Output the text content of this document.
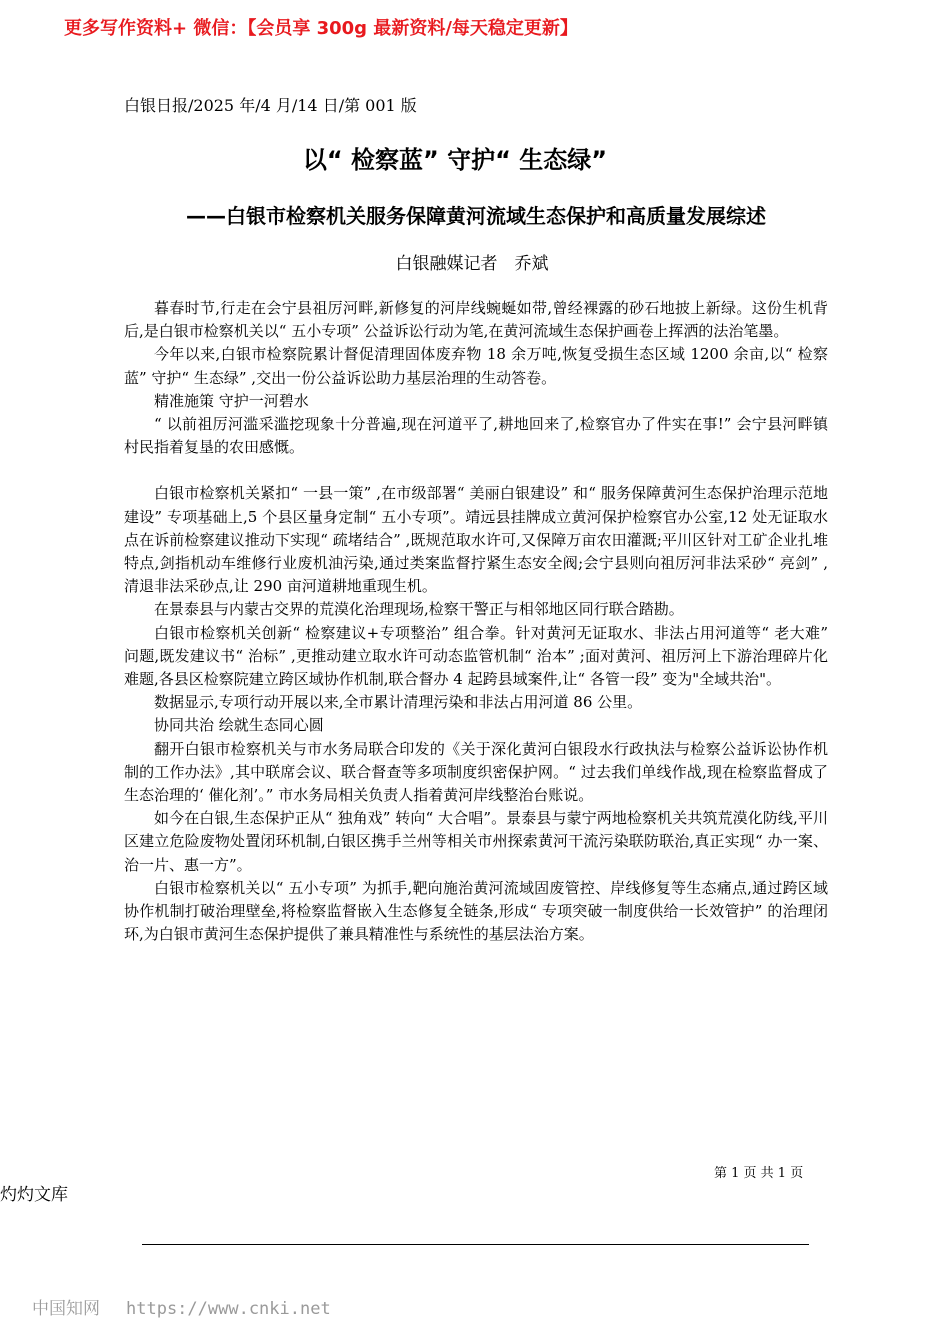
更多写作资料+ 微信：【会员享 300g 最新资料/每天稳定更新】
白银日报/2025 年/4 月/14 日/第 001 版
以“ 检察蓝” 守护“ 生态绿”
——白银市检察机关服务保障黄河流域生态保护和高质量发展综述
白银融媒记者　乔斌

暮春时节,行走在会宁县祖厉河畔,新修复的河岸线蜿蜒如带,曾经裸露的砂石地披上新绿。这份生机背后,是白银市检察机关以“ 五小专项” 公益诉讼行动为笔,在黄河流域生态保护画卷上挥洒的法治笔墨。

今年以来,白银市检察院累计督促清理固体废弃物 18 余万吨,恢复受损生态区域 1200 余亩,以“ 检察蓝” 守护“ 生态绿” ,交出一份公益诉讼助力基层治理的生动答卷。

精准施策 守护一河碧水

“ 以前祖厉河滥采滥挖现象十分普遍,现在河道平了,耕地回来了,检察官办了件实在事!” 会宁县河畔镇村民指着复垦的农田感慨。

白银市检察机关紧扣“ 一县一策” ,在市级部署“ 美丽白银建设” 和“ 服务保障黄河生态保护治理示范地建设” 专项基础上,5 个县区量身定制“ 五小专项”。靖远县挂牌成立黄河保护检察官办公室,12 处无证取水点在诉前检察建议推动下实现“ 疏堵结合” ,既规范取水许可,又保障万亩农田灌溉;平川区针对工矿企业扎堆特点,剑指机动车维修行业废机油污染,通过类案监督拧紧生态安全阀;会宁县则向祖厉河非法采砂“ 亮剑” ,清退非法采砂点,让 290 亩河道耕地重现生机。

在景泰县与内蒙古交界的荒漠化治理现场,检察干警正与相邻地区同行联合踏勘。

白银市检察机关创新“ 检察建议+专项整治” 组合拳。针对黄河无证取水、非法占用河道等“ 老大难” 问题,既发建议书“ 治标” ,更推动建立取水许可动态监管机制“ 治本” ;面对黄河、祖厉河上下游治理碎片化难题,各县区检察院建立跨区域协作机制,联合督办 4 起跨县域案件,让“ 各管一段” 变为"全域共治"。

数据显示,专项行动开展以来,全市累计清理污染和非法占用河道 86 公里。

协同共治 绘就生态同心圆

翻开白银市检察机关与市水务局联合印发的《关于深化黄河白银段水行政执法与检察公益诉讼协作机制的工作办法》,其中联席会议、联合督查等多项制度织密保护网。“ 过去我们单线作战,现在检察监督成了生态治理的‘ 催化剂’。” 市水务局相关负责人指着黄河岸线整治台账说。

如今在白银,生态保护正从“ 独角戏” 转向“ 大合唱”。景泰县与蒙宁两地检察机关共筑荒漠化防线,平川区建立危险废物处置闭环机制,白银区携手兰州等相关市州探索黄河干流污染联防联治,真正实现“ 办一案、治一片、惠一方”。

白银市检察机关以“ 五小专项” 为抓手,靶向施治黄河流域固废管控、岸线修复等生态痛点,通过跨区域协作机制打破治理壁垒,将检察监督嵌入生态修复全链条,形成“ 专项突破一制度供给一长效管护” 的治理闭环,为白银市黄河生态保护提供了兼具精准性与系统性的基层法治方案。

第 1 页 共 1 页
灼灼文库
中国知网 https://www.cnki.net
